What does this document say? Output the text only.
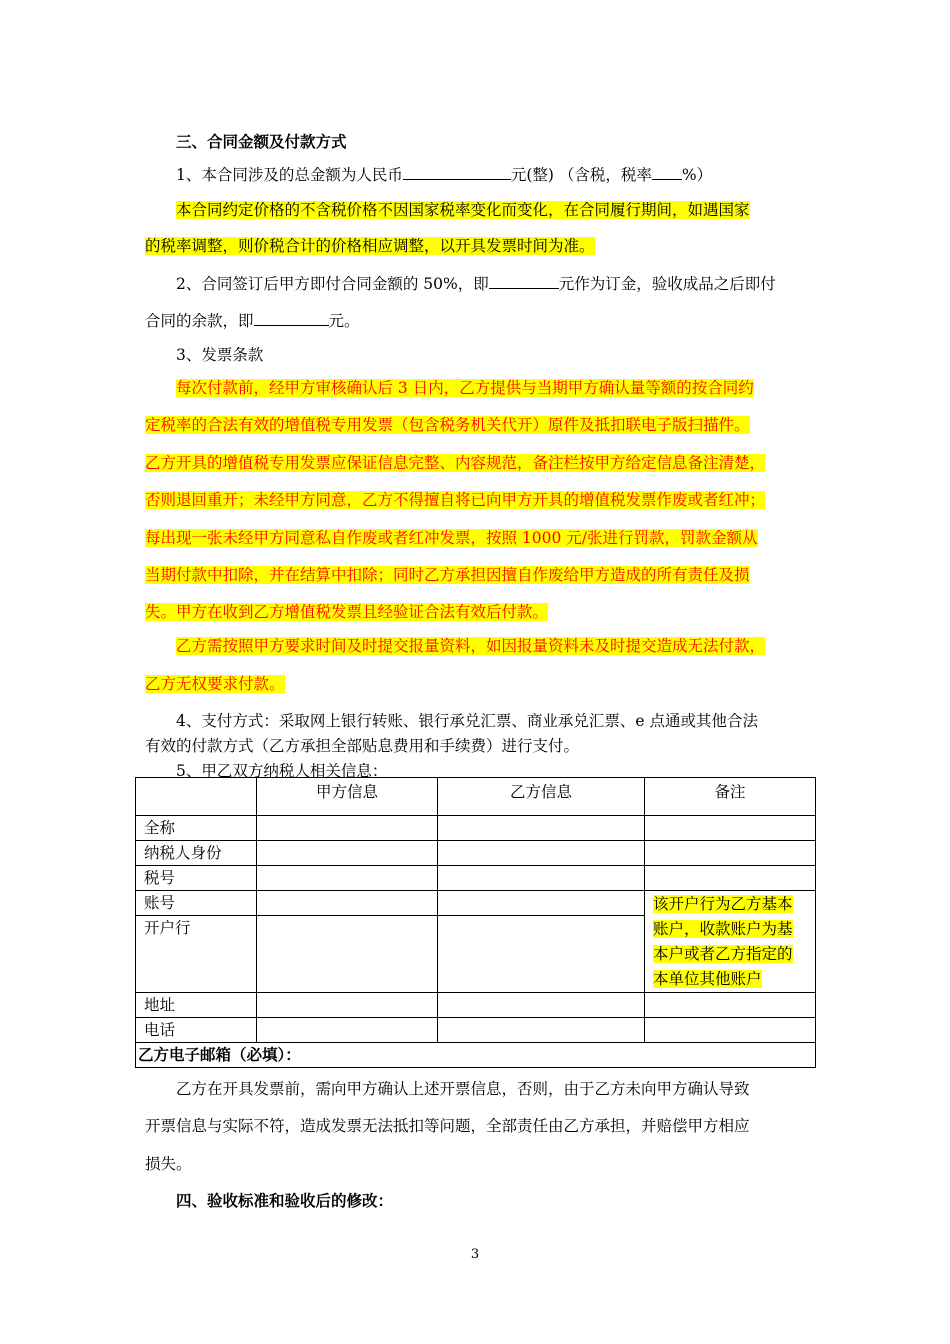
三、合同金额及付款方式
1、本合同涉及的总金额为人民币	元(整) （含税，税率 %）
本合同约定价格的不含税价格不因国家税率变化而变化，在合同履行期间，如遇国家
的税率调整，则价税合计的价格相应调整，以开具发票时间为准。
2、合同签订后甲方即付合同金额的 50%，即	元作为订金，验收成品之后即付
合同的余款，即	元。
3、发票条款
每次付款前，经甲方审核确认后 3 日内，乙方提供与当期甲方确认量等额的按合同约
定税率的合法有效的增值税专用发票（包含税务机关代开）原件及抵扣联电子版扫描件。
乙方开具的增值税专用发票应保证信息完整、内容规范，备注栏按甲方给定信息备注清楚，
否则退回重开；未经甲方同意，乙方不得擅自将已向甲方开具的增值税发票作废或者红冲；
每出现一张未经甲方同意私自作废或者红冲发票，按照 1000 元/张进行罚款，罚款金额从
当期付款中扣除，并在结算中扣除；同时乙方承担因擅自作废给甲方造成的所有责任及损
失。甲方在收到乙方增值税发票且经验证合法有效后付款。
乙方需按照甲方要求时间及时提交报量资料，如因报量资料未及时提交造成无法付款，
乙方无权要求付款。
4、支付方式：采取网上银行转账、银行承兑汇票、商业承兑汇票、e 点通或其他合法
有效的付款方式（乙方承担全部贴息费用和手续费）进行支付。
5、甲乙双方纳税人相关信息：
	甲方信息	乙方信息	备注
全称			
纳税人身份			
税号			
账号			该开户行为乙方基本
账户，收款账户为基
本户或者乙方指定的
本单位其他账户

开户行			
地址			
电话			
乙方电子邮箱（必填）：			
乙方在开具发票前，需向甲方确认上述开票信息，否则，由于乙方未向甲方确认导致
开票信息与实际不符，造成发票无法抵扣等问题，全部责任由乙方承担，并赔偿甲方相应
损失。
四、验收标准和验收后的修改：
3
